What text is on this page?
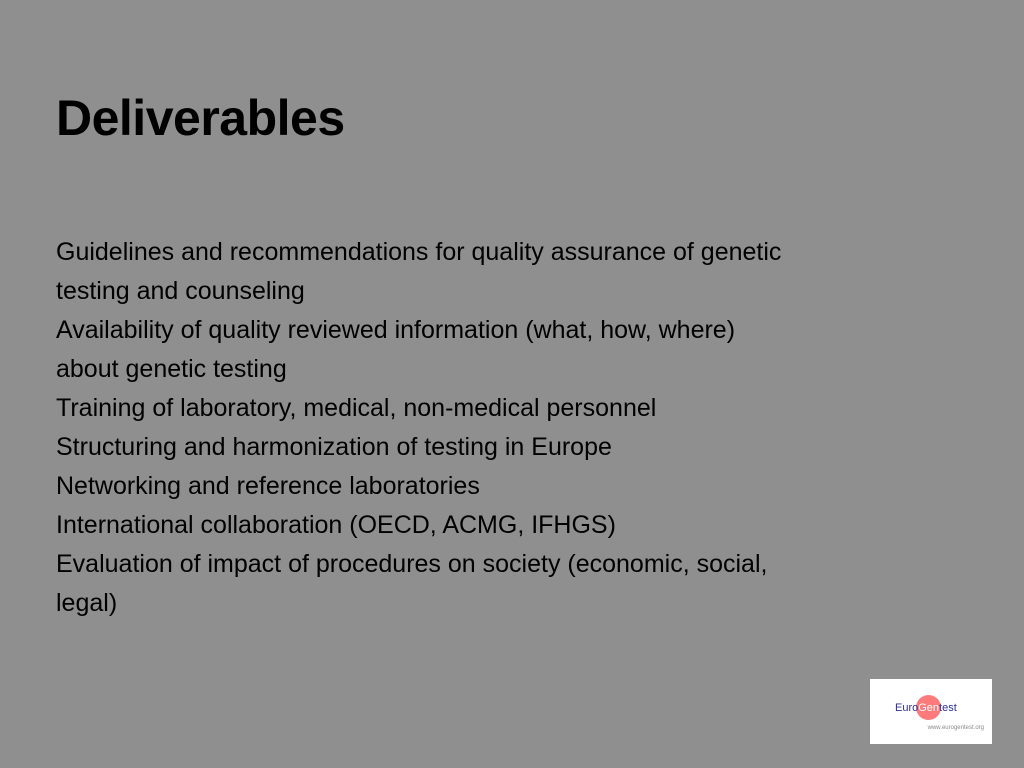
Deliverables
Guidelines and recommendations for quality assurance of genetic
testing and counseling
Availability of quality reviewed information (what, how, where)
about genetic testing
Training of laboratory, medical, non-medical personnel
Structuring and harmonization of testing in Europe
Networking and reference laboratories
International collaboration (OECD, ACMG, IFHGS)
Evaluation of impact of procedures on society (economic, social,
legal)
EuroGentest
www.eurogentest.org
